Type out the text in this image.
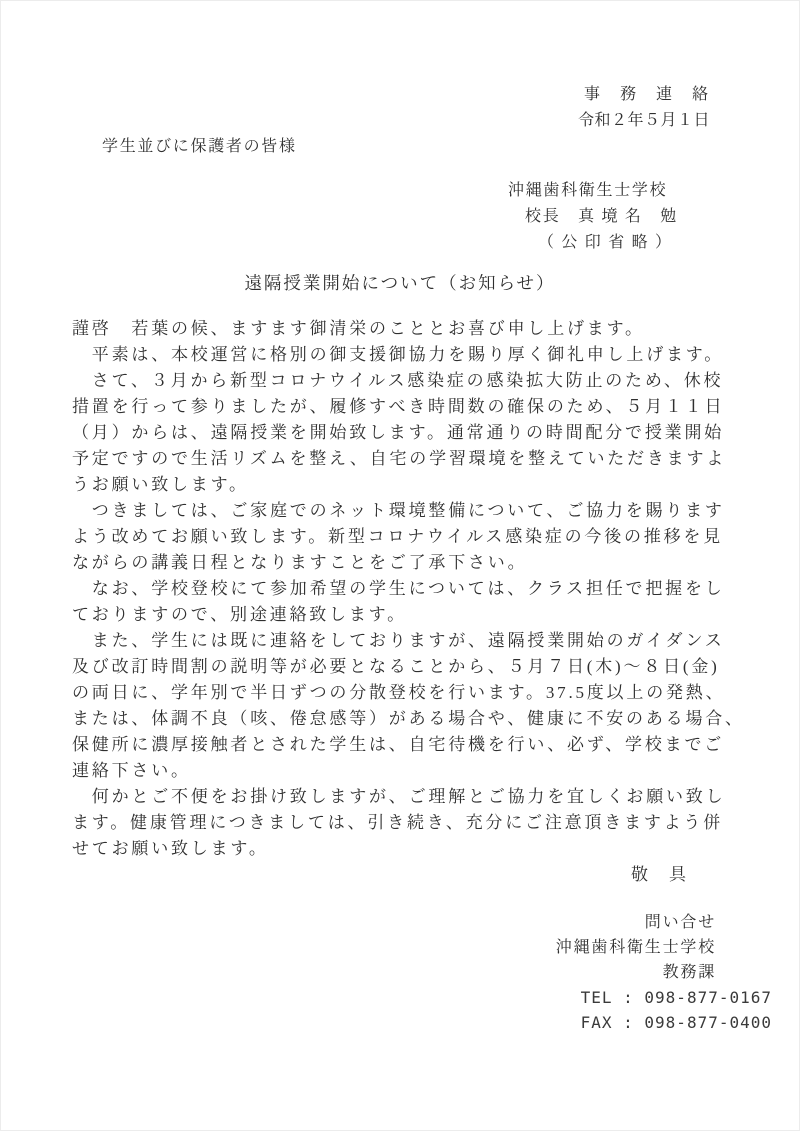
事　務　連　絡
令和２年５月１日
学生並びに保護者の皆様
沖縄歯科衛生士学校
校長　真 境 名　勉
（ 公 印 省 略 ）
遠隔授業開始について（お知らせ）
謹啓　若葉の候、ますます御清栄のこととお喜び申し上げます。
　平素は、本校運営に格別の御支援御協力を賜り厚く御礼申し上げます。
　さて、３月から新型コロナウイルス感染症の感染拡大防止のため、休校
措置を行って参りましたが、履修すべき時間数の確保のため、５月１１日
（月）からは、遠隔授業を開始致します。通常通りの時間配分で授業開始
予定ですので生活リズムを整え、自宅の学習環境を整えていただきますよ
うお願い致します。
　つきましては、ご家庭でのネット環境整備について、ご協力を賜ります
よう改めてお願い致します。新型コロナウイルス感染症の今後の推移を見
ながらの講義日程となりますことをご了承下さい。
　なお、学校登校にて参加希望の学生については、クラス担任で把握をし
ておりますので、別途連絡致します。
　また、学生には既に連絡をしておりますが、遠隔授業開始のガイダンス
及び改訂時間割の説明等が必要となることから、５月７日(木)～８日(金)
の両日に、学年別で半日ずつの分散登校を行います。37.5度以上の発熱、
または、体調不良（咳、倦怠感等）がある場合や、健康に不安のある場合、
保健所に濃厚接触者とされた学生は、自宅待機を行い、必ず、学校までご
連絡下さい。
　何かとご不便をお掛け致しますが、ご理解とご協力を宜しくお願い致し
ます。健康管理につきましては、引き続き、充分にご注意頂きますよう併
せてお願い致します。
敬　具
問い合せ
沖縄歯科衛生士学校
教務課
TEL : 098-877-0167
FAX : 098-877-0400
